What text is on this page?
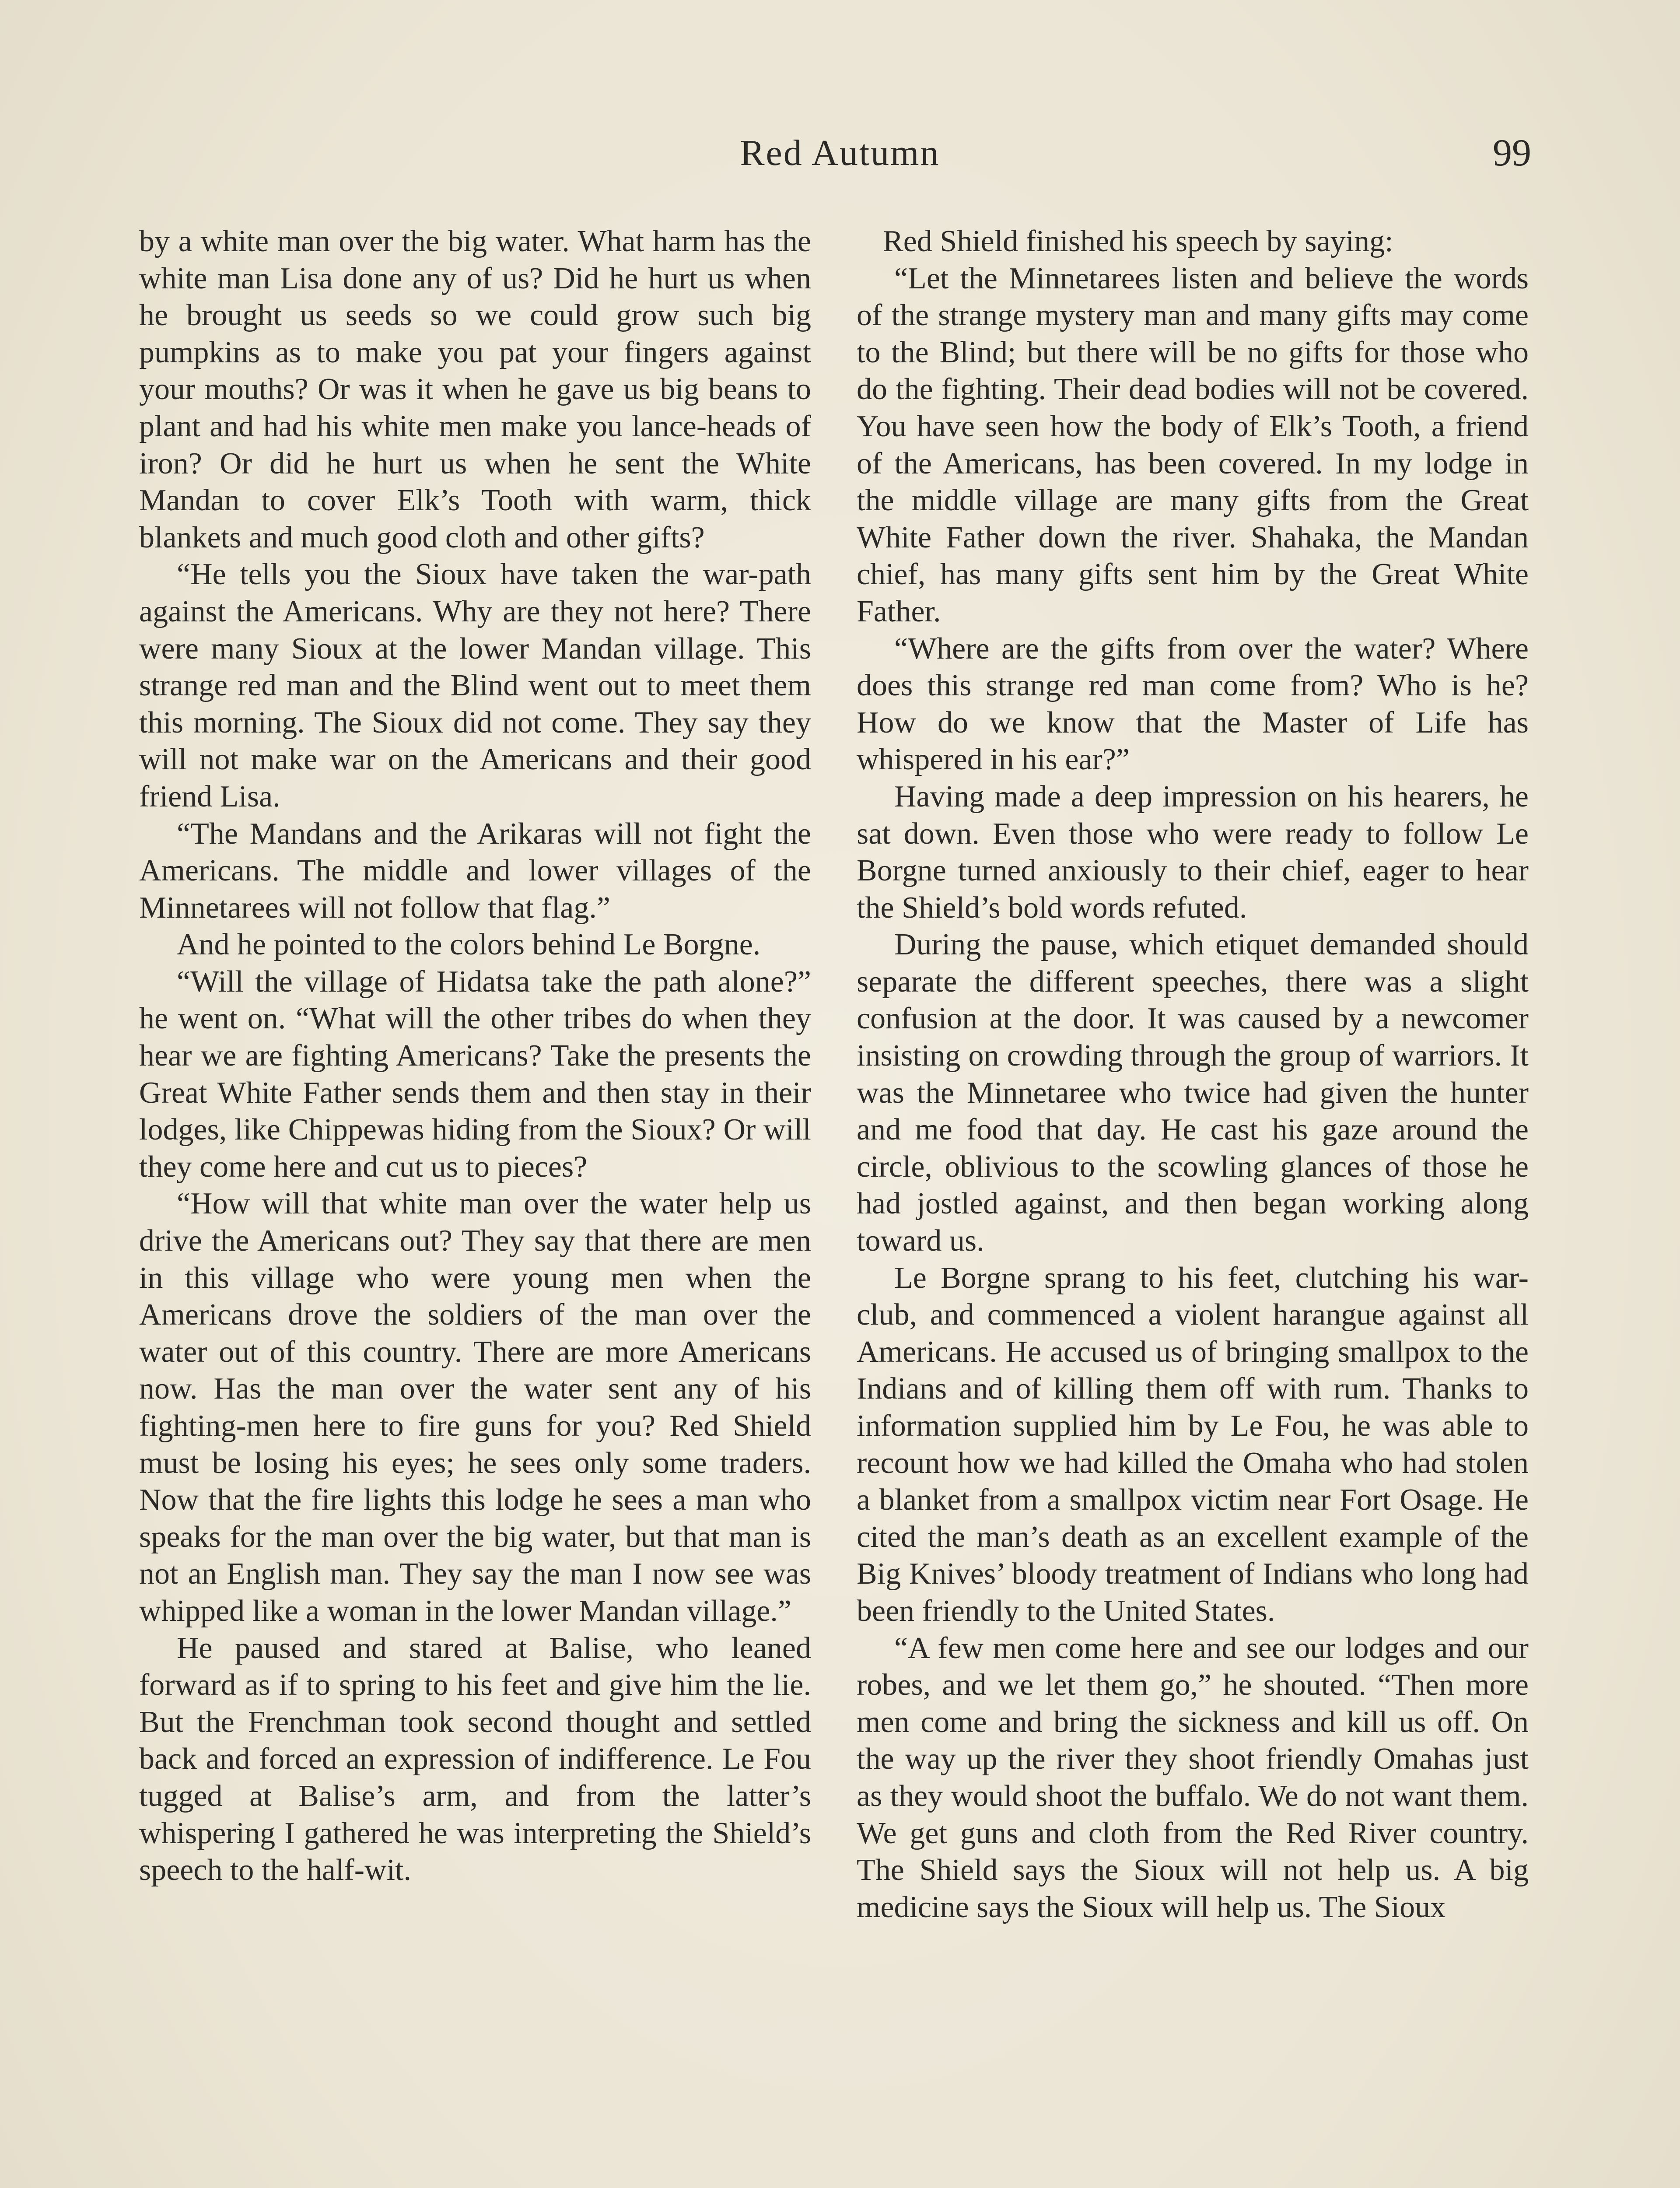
Red Autumn	99

by a white man over the big water. What harm has the white man Lisa done any of us? Did he hurt us when he brought us seeds so we could grow such big pumpkins as to make you pat your fingers against your mouths? Or was it when he gave us big beans to plant and had his white men make you lance-heads of iron? Or did he hurt us when he sent the White Mandan to cover Elk’s Tooth with warm, thick blankets and much good cloth and other gifts?

“He tells you the Sioux have taken the war-path against the Americans. Why are they not here? There were many Sioux at the lower Mandan village. This strange red man and the Blind went out to meet them this morning. The Sioux did not come. They say they will not make war on the Americans and their good friend Lisa.

“The Mandans and the Arikaras will not fight the Americans. The middle and lower villages of the Minnetarees will not follow that flag.”

And he pointed to the colors behind Le Borgne.

“Will the village of Hidatsa take the path alone?” he went on. “What will the other tribes do when they hear we are fighting Americans? Take the presents the Great White Father sends them and then stay in their lodges, like Chippewas hiding from the Sioux? Or will they come here and cut us to pieces?

“How will that white man over the water help us drive the Americans out? They say that there are men in this village who were young men when the Americans drove the soldiers of the man over the water out of this country. There are more Americans now. Has the man over the water sent any of his fighting-men here to fire guns for you? Red Shield must be losing his eyes; he sees only some traders. Now that the fire lights this lodge he sees a man who speaks for the man over the big water, but that man is not an English man. They say the man I now see was whipped like a woman in the lower Mandan village.”

He paused and stared at Balise, who leaned forward as if to spring to his feet and give him the lie. But the Frenchman took second thought and settled back and forced an expression of indifference. Le Fou tugged at Balise’s arm, and from the latter’s whispering I gathered he was interpreting the Shield’s speech to the half-wit.

Red Shield finished his speech by saying:

“Let the Minnetarees listen and believe the words of the strange mystery man and many gifts may come to the Blind; but there will be no gifts for those who do the fighting. Their dead bodies will not be covered. You have seen how the body of Elk’s Tooth, a friend of the Americans, has been covered. In my lodge in the middle village are many gifts from the Great White Father down the river. Shahaka, the Mandan chief, has many gifts sent him by the Great White Father.

“Where are the gifts from over the water? Where does this strange red man come from? Who is he? How do we know that the Master of Life has whispered in his ear?”

Having made a deep impression on his hearers, he sat down. Even those who were ready to follow Le Borgne turned anxiously to their chief, eager to hear the Shield’s bold words refuted.

During the pause, which etiquet demanded should separate the different speeches, there was a slight confusion at the door. It was caused by a newcomer insisting on crowding through the group of warriors. It was the Minnetaree who twice had given the hunter and me food that day. He cast his gaze around the circle, oblivious to the scowling glances of those he had jostled against, and then began working along toward us.

Le Borgne sprang to his feet, clutching his war-club, and commenced a violent harangue against all Americans. He accused us of bringing smallpox to the Indians and of killing them off with rum. Thanks to information supplied him by Le Fou, he was able to recount how we had killed the Omaha who had stolen a blanket from a smallpox victim near Fort Osage. He cited the man’s death as an excellent example of the Big Knives’ bloody treatment of Indians who long had been friendly to the United States.

“A few men come here and see our lodges and our robes, and we let them go,” he shouted. “Then more men come and bring the sickness and kill us off. On the way up the river they shoot friendly Omahas just as they would shoot the buffalo. We do not want them. We get guns and cloth from the Red River country. The Shield says the Sioux will not help us. A big medicine says the Sioux will help us. The Sioux
